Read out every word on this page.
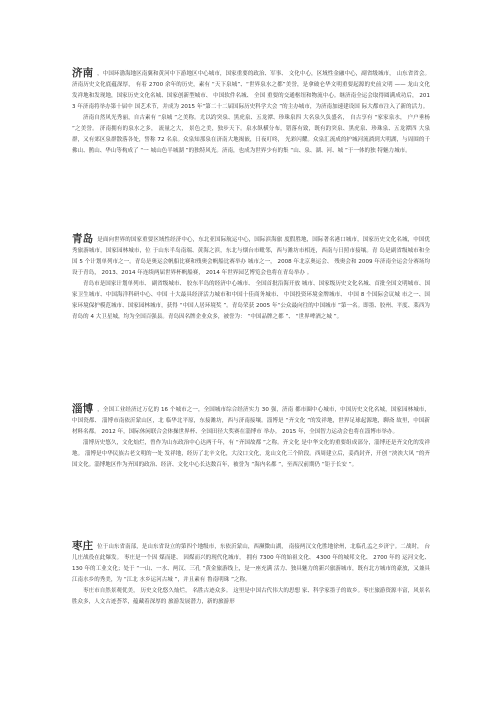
济南 ，中国环渤海地区南翼和黄河中下游地区中心城市，国家重要的政治、军事、 文化中心，区域性金融中心，副省级城市， 山东省省会。 济南历史文化底蕴深厚， 有着 2700 余年的历史，素有 “天下泉城”、“世界泉水之都”美誉，是拿破仑华文明重要起源的史前文明 —— 龙山文化发祥地和发现地，国家历史文化名城、国家创新型城市、 中国软件名城、 全国 重要的交通枢纽和物流中心。继济南全运会取得圆满成功后， 2013 年济南将举办第十届中 国艺术节，并成为 2015 年“第二十二届国际历史科学大会 ”的主办城市，为济南加速建设国 际大都市注入了新的活力。

济南自然风光秀丽，自古素有 “泉城 ”之美称。尤以趵突泉、黑虎泉、五龙潭、珍珠泉四 大名泉久负盛名， 自古享有 “家家泉水， 户户垂杨 ”之美誉。 济南拥有的泉水之多， 流量之大， 景色之美，独步天下。泉水纵横分布，错落有致，既有趵突泉、黑虎泉、珍珠泉、五龙潭四 大泉群，又有郊区泉群散落各处，誓称 72 名泉。众泉知那泉在济南大地揭嵌，日夜叮咚， 光彩闪耀。众泉汇流成的护城河流淌到大明湖，与周围的千佛山、鹊山、华山等构成了 “一 城山色半城湖 ”的独特风光。济南，也成为世界少有的集 “山、泉、湖、河、城 ”于一体的独 特魅力城市。

青岛 是面向世界的国家重要区域性经济中心，东北亚国际航运中心，国际滨海旅 度假胜地，国际著名港口城市，国家历史文化名城，中国优秀旅游城市，国家园林城市，位 于山东半岛南端、黄海之滨，东北与烟台市毗邻，西与潍坊市相连，西南与日照市接壤。青 岛是副省级城市和全国 5 个计划单列市之一。青岛是奥运会帆船比赛和残奥会帆船比赛举办 城市之一， 2008 年北京奥运会、 残奥会和 2009 年济南全运会分赛场均设于青岛， 2013、2014 年连续两届世界杯帆船赛， 2014 年世界园艺博览会也将在青岛举办 。

青岛市是国家计划单列市、 副省级城市、 胶东半岛的经济中心城市、 全国首批沿海开放 城市、国家级历史文化名城、首批全国文明城市、国家卫生城市、中国海洋科研中心、中国 十大最具经济活力城市和中国十佳商务城市、 中国投资环境金牌城市、 中国 8 个国际会议城 市之一、国家环境保护模范城市、国家园林城市，获得 “中国人居环境奖 ”。青岛荣获 2005 年“公众最向往的中国城市 ”第一名。即墨、胶州、平度、莱西为青岛的 4 大卫星城，均为全国百强县。青岛因名牌企业众多，被誉为： “中国品牌之都 ”、 “世界啤酒之城 ”。

淄博 ，全国工业经济过万亿的 16 个城市之一，全国城市综合经济实力 30 强，济南 都市圈中心城市，中国历史文化名城，国家园林城市，中国瓷都、 淄博市南依沂蒙山区，北 临华北平原，东接潍坊，西与济南接壤。淄博是 “齐文化 ”的发祥地，世界足球起源地，聊斋 故里，中国新材料名都。 2012 年，国际休闲联合会体操世界杯、全国田径大奖赛在淄博市 举办。 2015 年，全国智力运动会也将在淄博市举办。

淄博历史悠久，文化灿烂，曾作为山东政治中心达两千年，有 “齐国故都 ”之称。齐文化 是中华文化的重要组成部分，淄博还是齐文化的发祥地。 淄博是中华民族古老文明的一处 发祥地，经历了北辛文化，大汶口文化，龙山文化三个阶段。西周建立后，姜尚封齐，开创 “泱泱大风 ”的齐国文化。淄博地区作为齐国的政治、经济、文化中心长达数百年，被誉为 “海内名都 ”，至西汉前期仍 “钜于长安 ”。

枣庄 位于山东省南部，是山东省设立的第四个地级市，东依沂蒙山，西濒微山湖， 南接两汉文化胜地徐州，北临孔孟之乡济宁。二战时， 台儿庄战役在此爆发。 枣庄是一个因 煤而建、 因煤而兴的现代化城市， 拥有 7300 年的始祖文化、 4300 年的城邦文化、 2700 年的 运河文化、 130 年的工业文化；处于 “一山、一水、两汉、三孔 ”黄金旅游线上，是一座充满 活力、独具魅力的新兴旅游城市，既有北方城市的豪放，又兼具江南水乡的秀美，为 “江北 水乡运河古城 ”，并且素有 鲁南明珠 ”之称。

枣庄市自然景观优美， 历史文化悠久灿烂， 名胜古迹众多。 这里是中国古代伟大的思想 家、科学家墨子的故乡。枣庄旅游资源丰富，风景名胜众多，人文古迹荟萃，蕴藏着深厚的 旅游发展潜力，新的旅游形
